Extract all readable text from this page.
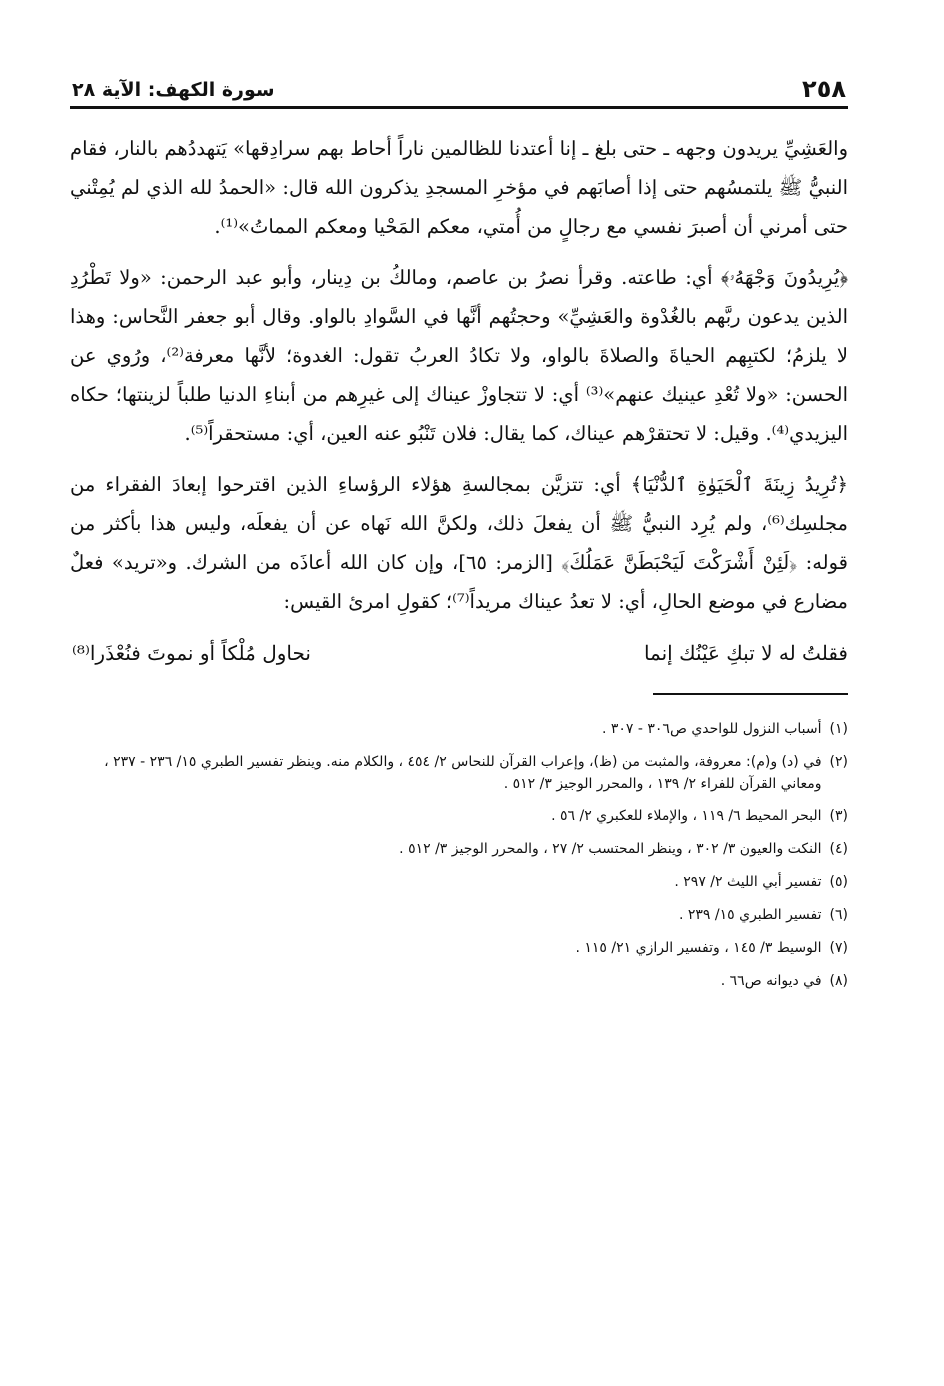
٢٥٨
سورة الكهف: الآية ٢٨

والعَشِيِّ يريدون وجهه ـ حتى بلغ ـ إنا أعتدنا للظالمين ناراً أحاط بهم سرادِقها» يَتهددُهم بالنار، فقام النبيُّ ﷺ يلتمسُهم حتى إذا أصابَهم في مؤخرِ المسجدِ يذكرون الله قال: «الحمدُ لله الذي لم يُمِتْني حتى أمرني أن أصبرَ نفسي مع رجالٍ من أُمتي، معكم المَحْيا ومعكم المماتُ»⁽¹⁾.

﴿يُرِيدُونَ وَجْهَهُۥ﴾ أي: طاعته. وقرأ نصرُ بن عاصم، ومالكُ بن دِينار، وأبو عبد الرحمن: «ولا تَطْرُدِ الذين يدعون ربَّهم بالغُدْوة والعَشِيِّ» وحجتُهم أنَّها في السَّوادِ بالواو. وقال أبو جعفر النَّحاس: وهذا لا يلزمُ؛ لكتبِهم الحياةَ والصلاةَ بالواو، ولا تكادُ العربُ تقول: الغدوة؛ لأنَّها معرفة⁽²⁾، ورُوي عن الحسن: «ولا تُعْدِ عينيك عنهم»⁽³⁾ أي: لا تتجاوزْ عيناك إلى غيرِهم من أبناءِ الدنيا طلباً لزينتها؛ حكاه اليزيدي⁽⁴⁾. وقيل: لا تحتقرْهم عيناك، كما يقال: فلان تَنْبُو عنه العين، أي: مستحقراً⁽⁵⁾.

﴿تُرِيدُ زِينَةَ ٱلْحَيَوٰةِ ٱلدُّنْيَا﴾ أي: تتزيَّن بمجالسةِ هؤلاء الرؤساءِ الذين اقترحوا إبعادَ الفقراء من مجلسِك⁽⁶⁾، ولم يُرِد النبيُّ ﷺ أن يفعلَ ذلك، ولكنَّ الله نَهاه عن أن يفعلَه، وليس هذا بأكثر من قوله: ﴿لَئِنْ أَشْرَكْتَ لَيَحْبَطَنَّ عَمَلُكَ﴾ [الزمر: ٦٥]، وإن كان الله أعاذَه من الشرك. و«تريد» فعلٌ مضارع في موضع الحالِ، أي: لا تعدُ عيناك مريداً⁽⁷⁾؛ كقولِ امرئ القيس:

فقلتُ له لا تبكِ عَيْنُك إنما
نحاول مُلْكاً أو نموتَ فنُعْذَرا⁽⁸⁾
(١)
أسباب النزول للواحدي ص٣٠٦ - ٣٠٧ .
(٢)
في (د) و(م): معروفة، والمثبت من (ظ)، وإعراب القرآن للنحاس ٢/ ٤٥٤ ، والكلام منه. وينظر تفسير الطبري ١٥/ ٢٣٦ - ٢٣٧ ، ومعاني القرآن للفراء ٢/ ١٣٩ ، والمحرر الوجيز ٣/ ٥١٢ .
(٣)
البحر المحيط ٦/ ١١٩ ، والإملاء للعكبري ٢/ ٥٦ .
(٤)
النكت والعيون ٣/ ٣٠٢ ، وينظر المحتسب ٢/ ٢٧ ، والمحرر الوجيز ٣/ ٥١٢ .
(٥)
تفسير أبي الليث ٢/ ٢٩٧ .
(٦)
تفسير الطبري ١٥/ ٢٣٩ .
(٧)
الوسيط ٣/ ١٤٥ ، وتفسير الرازي ٢١/ ١١٥ .
(٨)
في ديوانه ص٦٦ .
